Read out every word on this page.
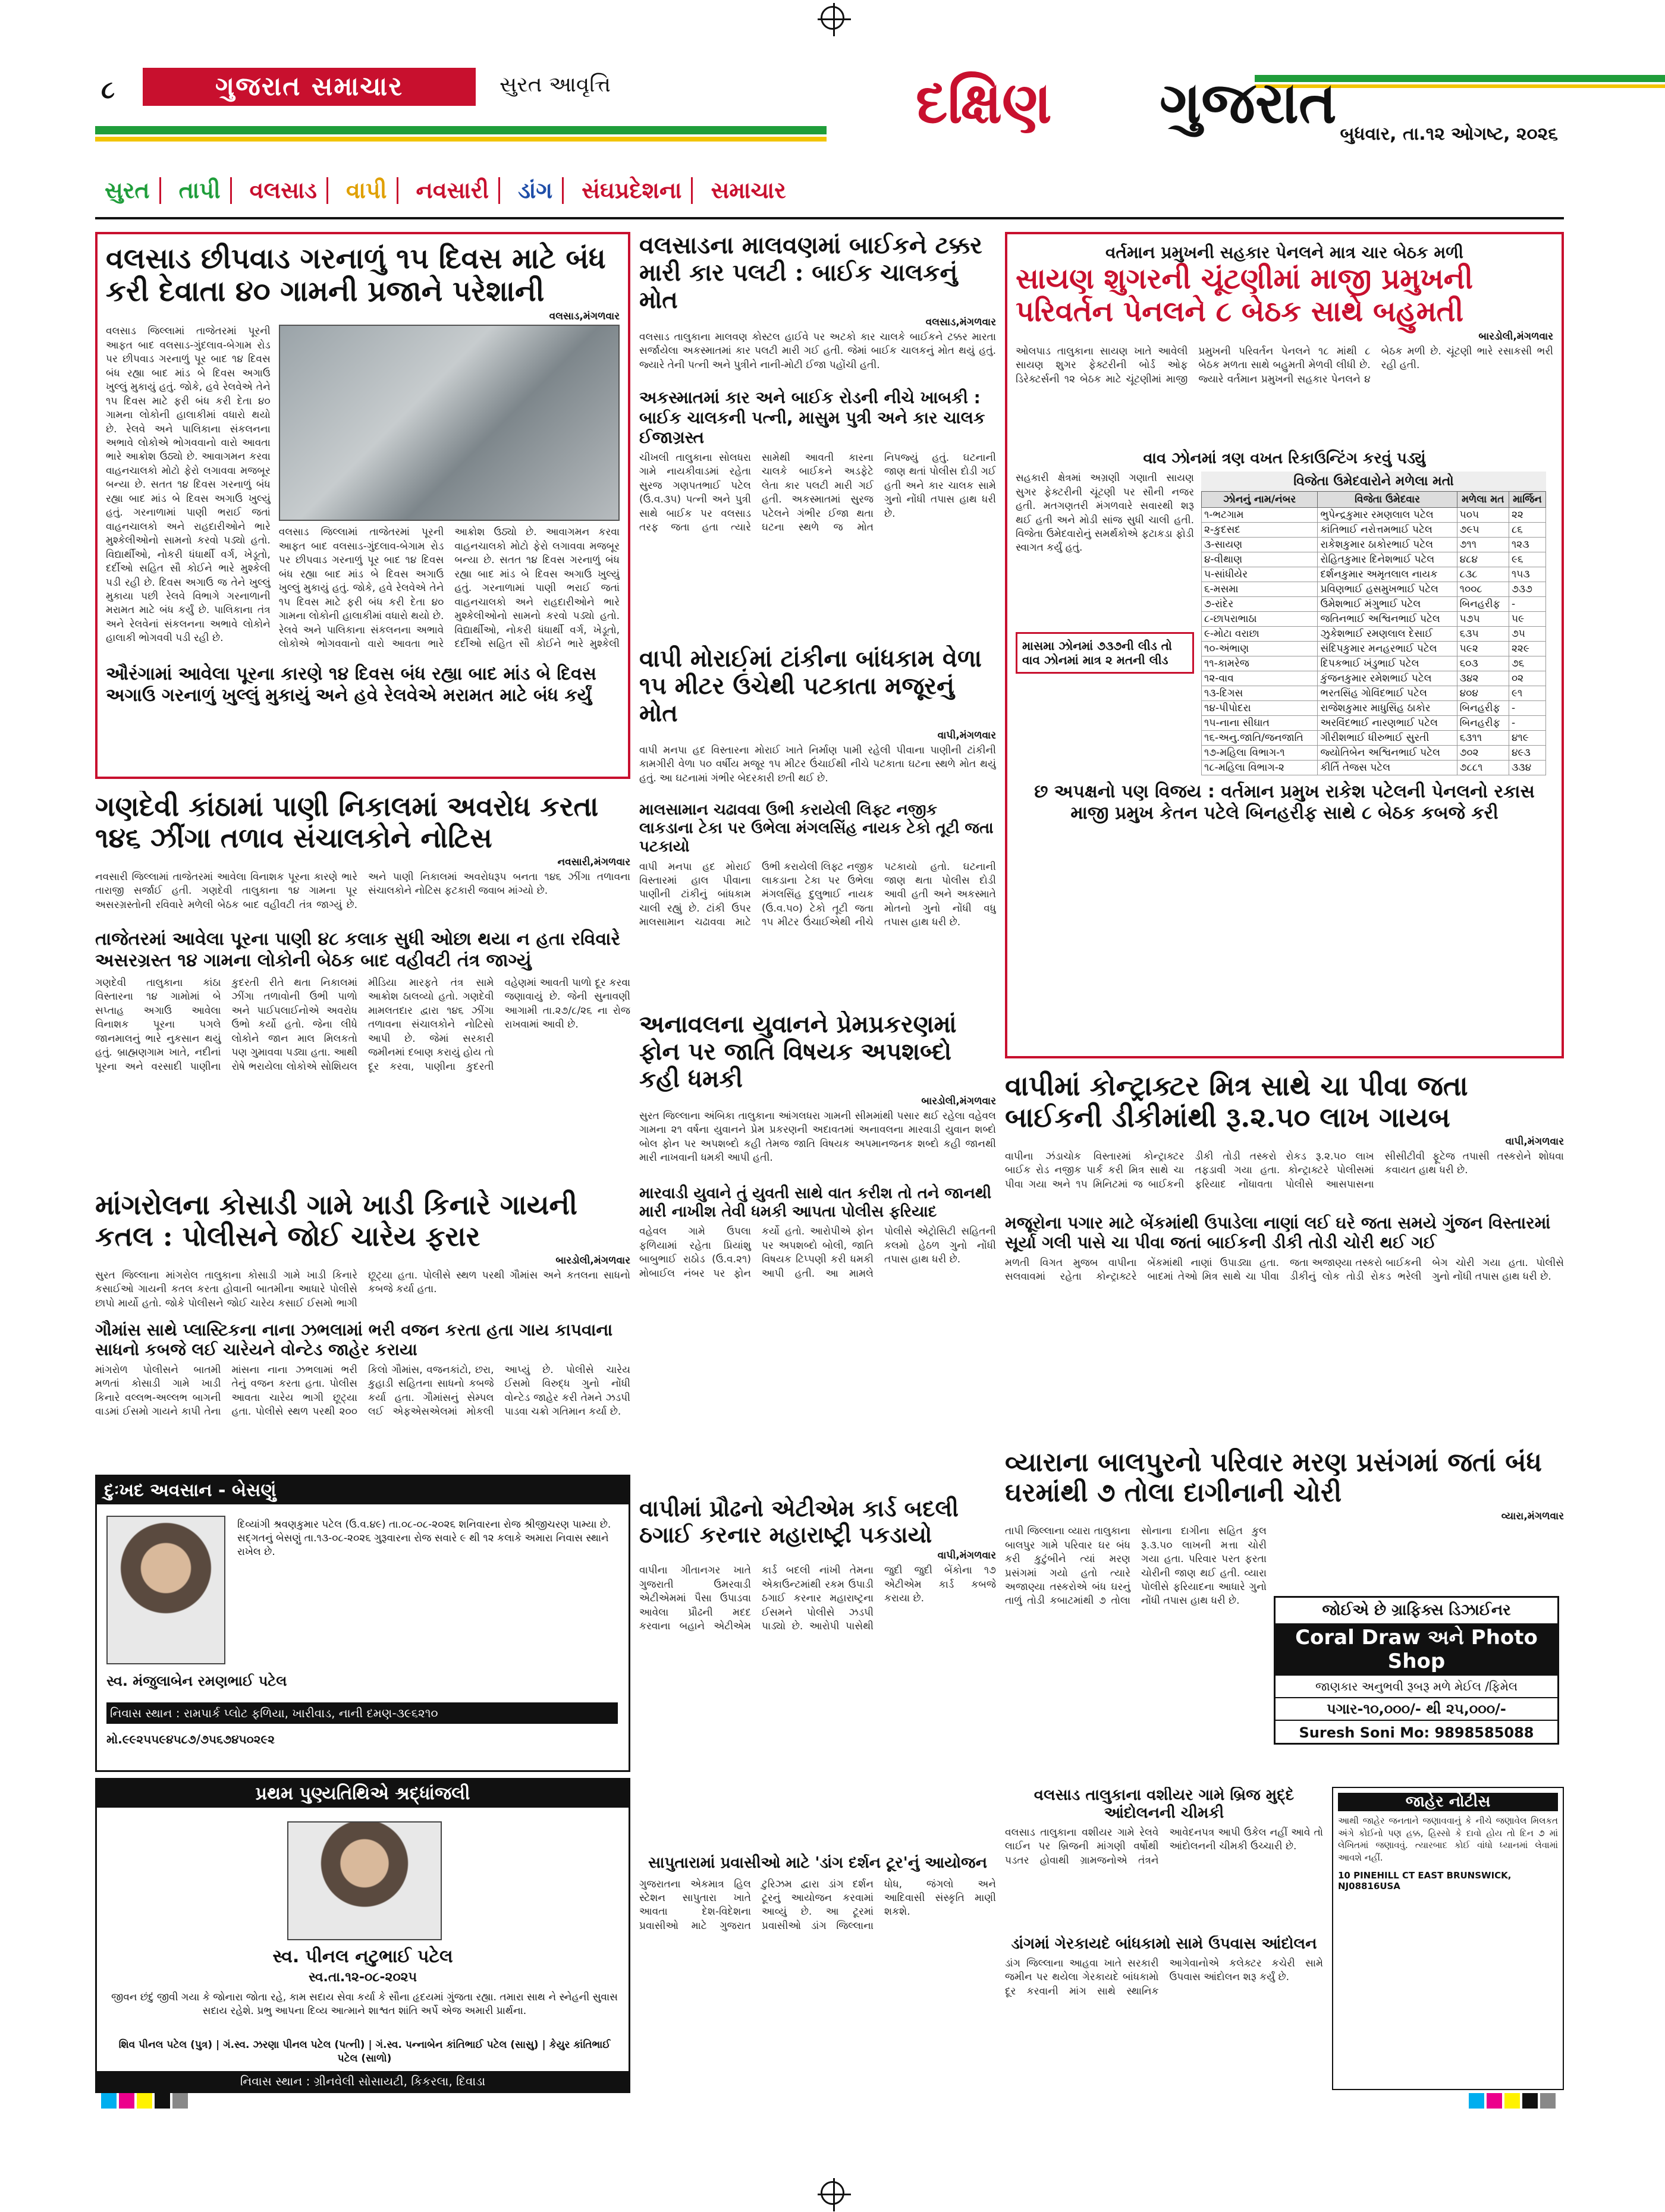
૮	ગુજરાત સમાચાર	સુરત આવૃત્તિ	દક્ષિણ ગુજરાત બુધવાર, તા.૧૨ ઓગષ્ટ, ૨૦૨૬
સુરત	તાપી	વલસાડ	વાપી	નવસારી	ડાંગ	સંઘપ્રદેશના	સમાચાર
વલસાડ છીપવાડ ગરનાળું ૧૫ દિવસ માટે બંધ કરી દેવાતા ૪૦ ગામની પ્રજાને પરેશાની
વલસાડ,મંગળવાર
વલસાડ જિલ્લામાં તાજેતરમાં પૂરની આફત બાદ વલસાડ-ગુંદલાવ-બેગામ રોડ પર છીપવાડ ગરનાળું પૂર બાદ ૧૪ દિવસ બંધ રહ્યા બાદ માંડ બે દિવસ અગાઉ ખુલ્લું મુકાયું હતું. જોકે, હવે રેલવેએ તેને ૧૫ દિવસ માટે ફરી બંધ કરી દેતા ૪૦ ગામના લોકોની હાલાકીમાં વધારો થયો છે. રેલવે અને પાલિકાના સંકલનના અભાવે લોકોએ ભોગવવાનો વારો આવતા ભારે આક્રોશ ઉઠ્યો છે. આવાગમન કરવા વાહનચાલકો મોટો ફેરો લગાવવા મજબૂર બન્યા છે. સતત ૧૪ દિવસ ગરનાળું બંધ રહ્યા બાદ માંડ બે દિવસ અગાઉ ખુલ્યું હતું. ગરનાળામાં પાણી ભરાઈ જતાં વાહનચાલકો અને રાહદારીઓને ભારે મુશ્કેલીઓનો સામનો કરવો પડ્યો હતો. વિદ્યાર્થીઓ, નોકરી ધંધાર્થી વર્ગ, ખેડૂતો, દર્દીઓ સહિત સૌ કોઈને ભારે મુશ્કેલી પડી રહી છે. દિવસ અગાઉ જ તેને ખુલ્લું મુકાયા પછી રેલવે વિભાગે ગરનાળાની મરામત માટે બંધ કર્યું છે. પાલિકાના તંત્ર અને રેલવેનાં સંકલનના અભાવે લોકોને હાલાકી ભોગવવી પડી રહી છે.
વલસાડ જિલ્લામાં તાજેતરમાં પૂરની આફત બાદ વલસાડ-ગુંદલાવ-બેગામ રોડ પર છીપવાડ ગરનાળું પૂર બાદ ૧૪ દિવસ બંધ રહ્યા બાદ માંડ બે દિવસ અગાઉ ખુલ્લું મુકાયું હતું. જોકે, હવે રેલવેએ તેને ૧૫ દિવસ માટે ફરી બંધ કરી દેતા ૪૦ ગામના લોકોની હાલાકીમાં વધારો થયો છે. રેલવે અને પાલિકાના સંકલનના અભાવે લોકોએ ભોગવવાનો વારો આવતા ભારે આક્રોશ ઉઠ્યો છે. આવાગમન કરવા વાહનચાલકો મોટો ફેરો લગાવવા મજબૂર બન્યા છે. સતત ૧૪ દિવસ ગરનાળું બંધ રહ્યા બાદ માંડ બે દિવસ અગાઉ ખુલ્યું હતું. ગરનાળામાં પાણી ભરાઈ જતાં વાહનચાલકો અને રાહદારીઓને ભારે મુશ્કેલીઓનો સામનો કરવો પડ્યો હતો. વિદ્યાર્થીઓ, નોકરી ધંધાર્થી વર્ગ, ખેડૂતો, દર્દીઓ સહિત સૌ કોઈને ભારે મુશ્કેલી
ઔરંગામાં આવેલા પૂરના કારણે ૧૪ દિવસ બંધ રહ્યા બાદ માંડ બે દિવસ અગાઉ ગરનાળું ખુલ્લું મુકાયું અને હવે રેલવેએ મરામત માટે બંધ કર્યું
ગણદેવી કાંઠામાં પાણી નિકાલમાં અવરોધ કરતા ૧૪૬ ઝીંગા તળાવ સંચાલકોને નોટિસ
નવસારી,મંગળવાર
નવસારી જિલ્લામાં તાજેતરમાં આવેલા વિનાશક પૂરના કારણે ભારે તારાજી સર્જાઈ હતી. ગણદેવી તાલુકાના ૧૪ ગામના પૂર અસરગ્રસ્તોની રવિવારે મળેલી બેઠક બાદ વહીવટી તંત્ર જાગ્યું છે. અને પાણી નિકાલમાં અવરોધરૂપ બનતા ૧૪૬ ઝીંગા તળાવના સંચાલકોને નોટિસ ફટકારી જવાબ માંગ્યો છે.
તાજેતરમાં આવેલા પૂરના પાણી ૪૮ કલાક સુધી ઓછા થયા ન હતા રવિવારે અસરગ્રસ્ત ૧૪ ગામના લોકોની બેઠક બાદ વહીવટી તંત્ર જાગ્યું
ગણદેવી તાલુકાના કાંઠા વિસ્તારના ૧૪ ગામોમાં બે સપ્તાહ અગાઉ આવેલા વિનાશક પૂરના પગલે જાનમાલનું ભારે નુકસાન થયું હતું. બ્રાહ્મણગામ ખાતે, નદીનાં પૂરના અને વરસાદી પાણીના કુદરતી રીતે થતા નિકાલમાં ઝીંગા તળાવોની ઉભી પાળો અને પાઈપલાઈનોએ અવરોધ ઉભો કર્યો હતો. જેના લીધે લોકોને જાન માલ મિલકતો પણ ગુમાવવા પડ્યા હતા. આથી રોષે ભરાયેલા લોકોએ સોશિયલ મીડિયા મારફતે તંત્ર સામે આક્રોશ ઠાલવ્યો હતો. ગણદેવી મામલતદાર દ્વારા ૧૪૬ ઝીંગા તળાવના સંચાલકોને નોટિસો આપી છે. જેમાં સરકારી જમીનમાં દબાણ કરાયું હોય તો દૂર કરવા, પાણીના કુદરતી વહેણમાં આવતી પાળો દૂર કરવા જણાવાયું છે. જેની સુનાવણી આગામી તા.૨૭/૮/૨૬ ના રોજ રાખવામાં આવી છે.
માંગરોલના કોસાડી ગામે ખાડી કિનારે ગાયની કતલ : પોલીસને જોઈ ચારેય ફરાર
બારડોલી,મંગળવાર
સુરત જિલ્લાના માંગરોલ તાલુકાના કોસાડી ગામે ખાડી કિનારે કસાઈઓ ગાયની કતલ કરતા હોવાની બાતમીના આધારે પોલીસે છાપો માર્યો હતો. જોકે પોલીસને જોઈ ચારેય કસાઈ ઈસમો ભાગી છૂટ્યા હતા. પોલીસે સ્થળ પરથી ગૌમાંસ અને કતલના સાધનો કબજે કર્યા હતા.
ગૌમાંસ સાથે પ્લાસ્ટિકના નાના ઝભલામાં ભરી વજન કરતા હતા ગાય કાપવાના સાધનો કબજે લઈ ચારેયને વોન્ટેડ જાહેર કરાયા
માંગરોળ પોલીસને બાતમી મળતાં કોસાડી ગામે ખાડી કિનારે વલ્લભ-અલ્લભ બાગની વાડમાં ઈસમો ગાયને કાપી તેના માંસના નાના ઝભલામાં ભરી તેનું વજન કરતા હતા. પોલીસ આવતા ચારેય ભાગી છૂટ્યા હતા. પોલીસે સ્થળ પરથી ૨૦૦ કિલો ગૌમાંસ, વજનકાંટો, છરા, કુહાડી સહિતના સાધનો કબજે કર્યા હતા. ગૌમાંસનું સેમ્પલ લઈ એફએસએલમાં મોકલી આપ્યું છે. પોલીસે ચારેય ઈસમો વિરુદ્ધ ગુનો નોંધી વોન્ટેડ જાહેર કરી તેમને ઝડપી પાડવા ચક્રો ગતિમાન કર્યા છે.
દુઃખદ અવસાન - બેસણું
દિવ્યાંગી શ્રવણકુમાર પટેલ (ઉ.વ.૪૯) તા.૦૮-૦૮-૨૦૨૬ શનિવારના રોજ શ્રીજીચરણ પામ્યા છે. સદ્‌ગતનું બેસણું તા.૧૩-૦૮-૨૦૨૬ ગુરૂવારના રોજ સવારે ૯ થી ૧૨ કલાકે અમારા નિવાસ સ્થાને રાખેલ છે.
સ્વ. મંજુલાબેન રમણભાઈ પટેલ
નિવાસ સ્થાન : રામપાર્ક પ્લોટ ફળિયા, ખારીવાડ, નાની દમણ-૩૯૬૨૧૦
મો.૯૯૨૫૫૯૪૫૮૭/૭૫૬૭૪૫૦૨૯૨
પ્રથમ પુણ્યતિથિએ શ્રદ્ધાંજલી
સ્વ. પીનલ નટુભાઈ પટેલ
સ્વ.તા.૧૨-૦૮-૨૦૨૫
જીવન છંદું જીવી ગયા કે જોનારા જોતા રહે, કામ સદાય સેવા કર્યા કે સૌના હૃદયમાં ગુંજતા રહ્યા. તમારા સાથ ને સ્નેહની સુવાસ સદાય રહેશે. પ્રભુ આપના દિવ્ય આત્માને શાશ્વત શાંતિ અર્પે એજ અમારી પ્રાર્થના.
શિવ પીનલ પટેલ (પુત્ર) | ગં.સ્વ. ઝરણા પીનલ પટેલ (પત્ની) | ગં.સ્વ. પન્નાબેન કાંતિભાઈ પટેલ (સાસુ) | કેયુર કાંતિભાઈ પટેલ (સાળો)
નિવાસ સ્થાન : ગ્રીનવેલી સોસાયટી, કિકરલા, દિવાડા
વલસાડના માલવણમાં બાઈકને ટક્કર મારી કાર પલટી : બાઈક ચાલકનું મોત
વલસાડ,મંગળવાર
વલસાડ તાલુકાના માલવણ કોસ્ટલ હાઈવે પર અટકો કાર ચાલકે બાઈકને ટક્કર મારતા સર્જાયેલા અકસ્માતમાં કાર પલટી મારી ગઈ હતી. જેમાં બાઈક ચાલકનું મોત થયું હતું. જ્યારે તેની પત્ની અને પુત્રીને નાની-મોટી ઈજા પહોંચી હતી.
અકસ્માતમાં કાર અને બાઈક રોડની નીચે ખાબકી : બાઈક ચાલકની પત્ની, માસુમ પુત્રી અને કાર ચાલક ઈજાગ્રસ્ત
ચીખલી તાલુકાના સોલધરા ગામે નાયકીવાડમાં રહેતા સુરજ ગણપતભાઈ પટેલ (ઉ.વ.૩૫) પત્ની અને પુત્રી સાથે બાઈક પર વલસાડ તરફ જતા હતા ત્યારે સામેથી આવતી કારના ચાલકે બાઈકને અડફેટે લેતા કાર પલટી મારી ગઈ હતી. અકસ્માતમાં સુરજ પટેલને ગંભીર ઈજા થતા ઘટના સ્થળે જ મોત નિપજ્યું હતું. ઘટનાની જાણ થતાં પોલીસ દોડી ગઈ હતી અને કાર ચાલક સામે ગુનો નોંધી તપાસ હાથ ધરી છે.
વાપી મોરાઈમાં ટાંકીના બાંધકામ વેળા ૧૫ મીટર ઉંચેથી પટકાતા મજૂરનું મોત
વાપી,મંગળવાર
વાપી મનપા હદ વિસ્તારના મોરાઈ ખાતે નિર્માણ પામી રહેલી પીવાના પાણીની ટાંકીની કામગીરી વેળા ૫૦ વર્ષીય મજૂર ૧૫ મીટર ઉંચાઈથી નીચે પટકાતા ઘટના સ્થળે મોત થયું હતું. આ ઘટનામાં ગંભીર બેદરકારી છતી થઈ છે.
માલસામાન ચઢાવવા ઉભી કરાયેલી લિફ્ટ નજીક લાકડાના ટેકા પર ઉભેલા મંગલસિંહ નાયક ટેકો તૂટી જતા પટકાયો
વાપી મનપા હદ મોરાઈ વિસ્તારમાં હાલ પીવાના પાણીની ટાંકીનું બાંધકામ ચાલી રહ્યું છે. ટાંકી ઉપર માલસામાન ચઢાવવા માટે ઉભી કરાયેલી લિફ્ટ નજીક લાકડાના ટેકા પર ઉભેલા મંગલસિંહ દુલુભાઈ નાયક (ઉ.વ.૫૦) ટેકો તૂટી જતા ૧૫ મીટર ઉંચાઈએથી નીચે પટકાયો હતો. ઘટનાની જાણ થતા પોલીસ દોડી આવી હતી અને અકસ્માતે મોતનો ગુનો નોંધી વધુ તપાસ હાથ ધરી છે.
અનાવલના યુવાનને પ્રેમપ્રકરણમાં ફોન પર જાતિ વિષયક અપશબ્દો કહી ધમકી
બારડોલી,મંગળવાર
સુરત જિલ્લાના અંબિકા તાલુકાના આંગલધરા ગામની સીમમાંથી પસાર થઈ રહેલા વહેવલ ગામના ૨૧ વર્ષના યુવાનને પ્રેમ પ્રકરણની અદાવતમાં અનાવલના મારવાડી યુવાન શબ્દો બોલ ફોન પર અપશબ્દો કહી તેમજ જાતિ વિષયક અપમાનજનક શબ્દો કહી જાનથી મારી નાખવાની ધમકી આપી હતી.
મારવાડી યુવાને તું યુવતી સાથે વાત કરીશ તો તને જાનથી મારી નાખીશ તેવી ધમકી આપતા પોલીસ ફરિયાદ
વહેવલ ગામે ઉપલા ફળિયામાં રહેતા પ્રિયાંશુ બાબુભાઈ રાઠોડ (ઉ.વ.૨૧) મોબાઈલ નંબર પર ફોન કર્યો હતો. આરોપીએ ફોન પર અપશબ્દો બોલી, જાતિ વિષયક ટિપ્પણી કરી ધમકી આપી હતી. આ મામલે પોલીસે એટ્રોસિટી સહિતની કલમો હેઠળ ગુનો નોંધી તપાસ હાથ ધરી છે.
વાપીમાં પ્રૌઢનો એટીએમ કાર્ડ બદલી ઠગાઈ કરનાર મહારાષ્ટ્રી પકડાયો
વાપી,મંગળવાર
વાપીના ગીતાનગર ખાતે ગુજરાતી ઉમરવાડી એટીએમમાં પૈસા ઉપાડવા આવેલા પ્રૌઢની મદદ કરવાના બહાને એટીએમ કાર્ડ બદલી નાંખી તેમના એકાઉન્ટમાંથી રકમ ઉપાડી ઠગાઈ કરનાર મહારાષ્ટ્રના ઈસમને પોલીસે ઝડપી પાડ્યો છે. આરોપી પાસેથી જુદી જુદી બેંકોના ૧૭ એટીએમ કાર્ડ કબજે કરાયા છે.
સાપુતારામાં પ્રવાસીઓ માટે 'ડાંગ દર્શન ટૂર'નું આયોજન
ગુજરાતના એકમાત્ર હિલ સ્ટેશન સાપુતારા ખાતે આવતા દેશ-વિદેશના પ્રવાસીઓ માટે ગુજરાત ટુરિઝમ દ્વારા ડાંગ દર્શન ટૂરનું આયોજન કરવામાં આવ્યું છે. આ ટૂરમાં પ્રવાસીઓ ડાંગ જિલ્લાના ધોધ, જંગલો અને આદિવાસી સંસ્કૃતિ માણી શકશે.
વર્તમાન પ્રમુખની સહકાર પેનલને માત્ર ચાર બેઠક મળી
સાયણ શુગરની ચૂંટણીમાં માજી પ્રમુખની પરિવર્તન પેનલને ૮ બેઠક સાથે બહુમતી
બારડોલી,મંગળવાર
ઓલપાડ તાલુકાના સાયણ ખાતે આવેલી સાયણ શુગર ફેક્ટરીની બોર્ડ ઓફ ડિરેક્ટર્સની ૧૨ બેઠક માટે ચૂંટણીમાં માજી પ્રમુખની પરિવર્તન પેનલને ૧૮ માંથી ૮ બેઠક મળતા સાથે બહુમતી મેળવી લીધી છે. જ્યારે વર્તમાન પ્રમુખની સહકાર પેનલને ૪ બેઠક મળી છે. ચૂંટણી ભારે રસાકસી ભરી રહી હતી.
વાવ ઝોનમાં ત્રણ વખત રિકાઉન્ટિંગ કરવું પડ્યું
સહકારી ક્ષેત્રમાં અગ્રણી ગણાતી સાયણ સુગર ફેક્ટરીની ચૂંટણી પર સૌની નજર હતી. મતગણતરી મંગળવારે સવારથી શરૂ થઈ હતી અને મોડી સાંજ સુધી ચાલી હતી. વિજેતા ઉમેદવારોનું સમર્થકોએ ફટાકડા ફોડી સ્વાગત કર્યું હતું.
માસમા ઝોનમાં ૭૩૭ની લીડ તો વાવ ઝોનમાં માત્ર ૨ મતની લીડ
વિજેતા ઉમેદવારોને મળેલા મતો
ઝોનનું નામ/નંબર	વિજેતા ઉમેદવાર	મળેલા મત	માર્જિન
૧-ભટગામ	ભુપેન્દ્રકુમાર રમણલાલ પટેલ	૫૦૫	૨૨
૨-કુદસદ	કાંતિભાઈ નરોત્તમભાઈ પટેલ	૭૯૫	૮૬
૩-સાયણ	રાકેશકુમાર ઠાકોરભાઈ પટેલ	૭૧૧	૧૨૩
૪-વીથાણ	રોહિતકુમાર દિનેશભાઈ પટેલ	૪૮૪	૯૬
૫-સાંધીયેર	દર્શનકુમાર અમૃતલાલ નાયક	૮૩૮	૧૫૩
૬-મસમા	પ્રવિણભાઈ હસમુખભાઈ પટેલ	૧૦૦૮	૭૩૭
૭-રાંદેર	ઉમેશભાઈ મંગુભાઈ પટેલ	બિનહરીફ	-
૮-છાપરાભાઠા	જતિનભાઈ અશ્વિનભાઈ પટેલ	૫૭૫	૫૯
૯-મોટા વરાછા	ઝુકેશભાઈ રમણલાલ દેસાઈ	૬૩૫	૭૫
૧૦-અંભાણ	સંદિપકુમાર મનહરભાઈ પટેલ	૫૯૨	૨૨૯
૧૧-કામરેજ	દિપકભાઈ ખંડુભાઈ પટેલ	૬૦૩	૭૬
૧૨-વાવ	કુંજનકુમાર રમેશભાઈ પટેલ	૩૪૨	૦૨
૧૩-દિગસ	ભરતસિંહ ગોવિંદભાઈ પટેલ	૪૦૪	૯૧
૧૪-પીપોદરા	રાજેશકુમાર માધુસિંહ ઠાકોર	બિનહરીફ	-
૧૫-નાના સીઘાત	અરવિંદભાઈ નારણભાઈ પટેલ	બિનહરીફ	-
૧૬-અનુ.જાતિ/જનજાતિ	ગીરીશભાઈ ધીરુભાઈ સુરતી	૬૩૧૧	૪૧૯
૧૭-મહિલા વિભાગ-૧	જ્યોતિબેન અશ્વિનભાઈ પટેલ	૭૦૨	૪૯૩
૧૮-મહિલા વિભાગ-૨	કીર્તિ તેજસ પટેલ	૭૮૮૧	૩૩૪
છ અપક્ષનો પણ વિજય : વર્તમાન પ્રમુખ રાકેશ પટેલની પેનલનો રકાસ માજી પ્રમુખ કેતન પટેલે બિનહરીફ સાથે ૮ બેઠક કબજે કરી
વાપીમાં કોન્ટ્રાક્ટર મિત્ર સાથે ચા પીવા જતા બાઈકની ડીકીમાંથી રૂ.૨.૫૦ લાખ ગાયબ
વાપી,મંગળવાર
વાપીના ઝંડાચોક વિસ્તારમાં કોન્ટ્રાક્ટર બાઈક રોડ નજીક પાર્ક કરી મિત્ર સાથે ચા પીવા ગયા અને ૧૫ મિનિટમાં જ બાઈકની ડીકી તોડી તસ્કરો રોકડ રૂ.૨.૫૦ લાખ તફડાવી ગયા હતા. કોન્ટ્રાક્ટરે પોલીસમાં ફરિયાદ નોંધાવતા પોલીસે આસપાસના સીસીટીવી ફૂટેજ તપાસી તસ્કરોને શોધવા કવાયત હાથ ધરી છે.
મજૂરોના પગાર માટે બેંકમાંથી ઉપાડેલા નાણાં લઈ ઘરે જતા સમયે ગુંજન વિસ્તારમાં સૂર્યા ગલી પાસે ચા પીવા જતાં બાઈકની ડીકી તોડી ચોરી થઈ ગઈ
મળતી વિગત મુજબ વાપીના સલવાવમાં રહેતા કોન્ટ્રાક્ટરે બેંકમાંથી નાણાં ઉપાડ્યા હતા. બાદમાં તેઓ મિત્ર સાથે ચા પીવા જતા અજાણ્યા તસ્કરો બાઈકની ડીકીનું લોક તોડી રોકડ ભરેલી બેગ ચોરી ગયા હતા. પોલીસે ગુનો નોંધી તપાસ હાથ ધરી છે.
વ્યારાના બાલપુરનો પરિવાર મરણ પ્રસંગમાં જતાં બંધ ઘરમાંથી ૭ તોલા દાગીનાની ચોરી
વ્યારા,મંગળવાર
તાપી જિલ્લાના વ્યારા તાલુકાના બાલપુર ગામે પરિવાર ઘર બંધ કરી કુટુંબીને ત્યાં મરણ પ્રસંગમાં ગયો હતો ત્યારે અજાણ્યા તસ્કરોએ બંધ ઘરનું તાળું તોડી કબાટમાંથી ૭ તોલા સોનાના દાગીના સહિત કુલ રૂ.૩.૫૦ લાખની મત્તા ચોરી ગયા હતા. પરિવાર પરત ફરતા ચોરીની જાણ થઈ હતી. વ્યારા પોલીસે ફરિયાદના આધારે ગુનો નોંધી તપાસ હાથ ધરી છે.
જોઈએ છે ગ્રાફિક્સ ડિઝાઈનર
Coral Draw અને Photo Shop
જાણકાર અનુભવી રૂબરૂ મળે મેઈલ /ફિમેલ
પગાર-૧૦,૦૦૦/- થી ૨૫,૦૦૦/-
Suresh Soni Mo: 9898585088
જાહેર નોટીસ
આથી જાહેર જનતાને જણાવવાનું કે નીચે જણાવેલ મિલકત અંગે કોઈનો પણ હક્ક, હિસ્સો કે દાવો હોય તો દિન ૭ માં લેખિતમાં જણાવવું. ત્યારબાદ કોઈ વાંધો ધ્યાનમાં લેવામાં આવશે નહીં.
10 PINEHILL CT EAST BRUNSWICK, NJ08816USA
વલસાડ તાલુકાના વશીયર ગામે બ્રિજ મુદ્દે આંદોલનની ચીમકી
વલસાડ તાલુકાના વશીયર ગામે રેલવે લાઈન પર બ્રિજની માંગણી વર્ષોથી પડતર હોવાથી ગ્રામજનોએ તંત્રને આવેદનપત્ર આપી ઉકેલ નહીં આવે તો આંદોલનની ચીમકી ઉચ્ચારી છે.
ડાંગમાં ગેરકાયદે બાંધકામો સામે ઉપવાસ આંદોલન
ડાંગ જિલ્લાના આહવા ખાતે સરકારી જમીન પર થયેલા ગેરકાયદે બાંધકામો દૂર કરવાની માંગ સાથે સ્થાનિક આગેવાનોએ કલેક્ટર કચેરી સામે ઉપવાસ આંદોલન શરૂ કર્યું છે.
